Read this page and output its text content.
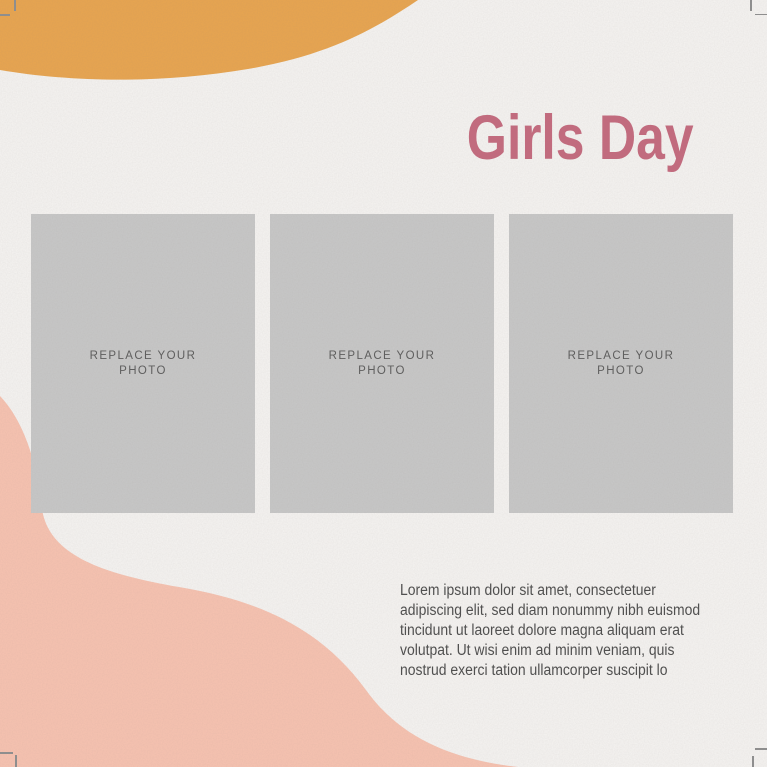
REPLACE YOUR
PHOTO
REPLACE YOUR
PHOTO
REPLACE YOUR
PHOTO
Girls Day
Lorem ipsum dolor sit amet, consectetuer
adipiscing elit, sed diam nonummy nibh euismod
tincidunt ut laoreet dolore magna aliquam erat
volutpat. Ut wisi enim ad minim veniam, quis
nostrud exerci tation ullamcorper suscipit lo
